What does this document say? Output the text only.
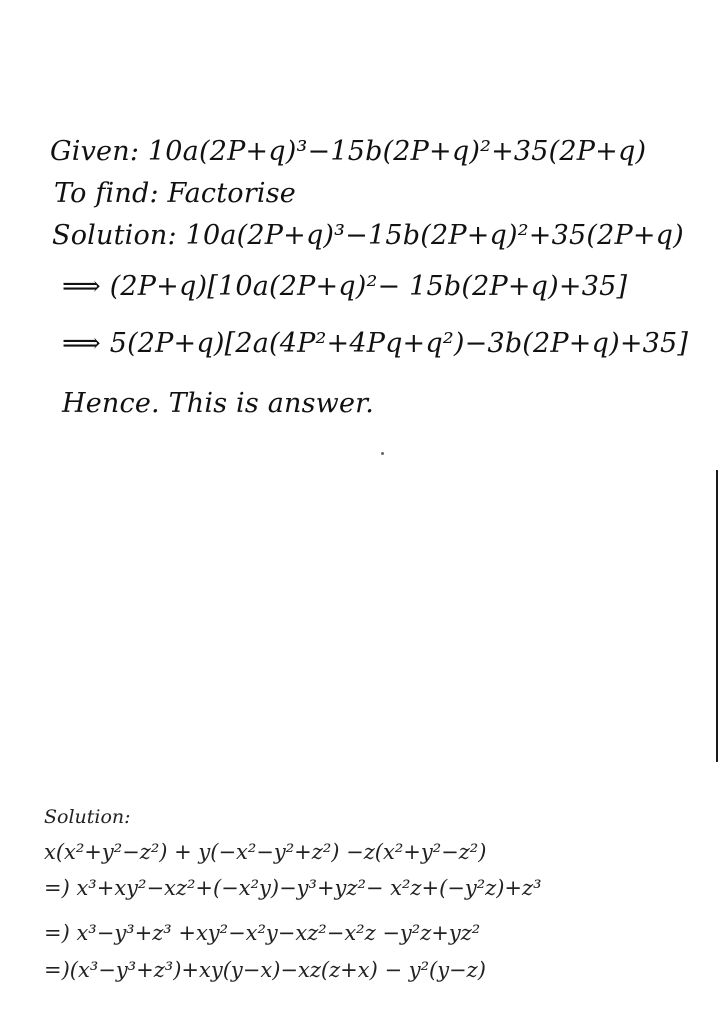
Given: 10a(2P+q)³−15b(2P+q)²+35(2P+q)
To find: Factorise
Solution: 10a(2P+q)³−15b(2P+q)²+35(2P+q)
⟹ (2P+q)[10a(2P+q)²− 15b(2P+q)+35]
⟹ 5(2P+q)[2a(4P²+4Pq+q²)−3b(2P+q)+35]
Hence. This is answer.
Solution:
x(x²+y²−z²) + y(−x²−y²+z²) −z(x²+y²−z²)
=) x³+xy²−xz²+(−x²y)−y³+yz²− x²z+(−y²z)+z³
=) x³−y³+z³ +xy²−x²y−xz²−x²z −y²z+yz²
=)(x³−y³+z³)+xy(y−x)−xz(z+x) − y²(y−z)
